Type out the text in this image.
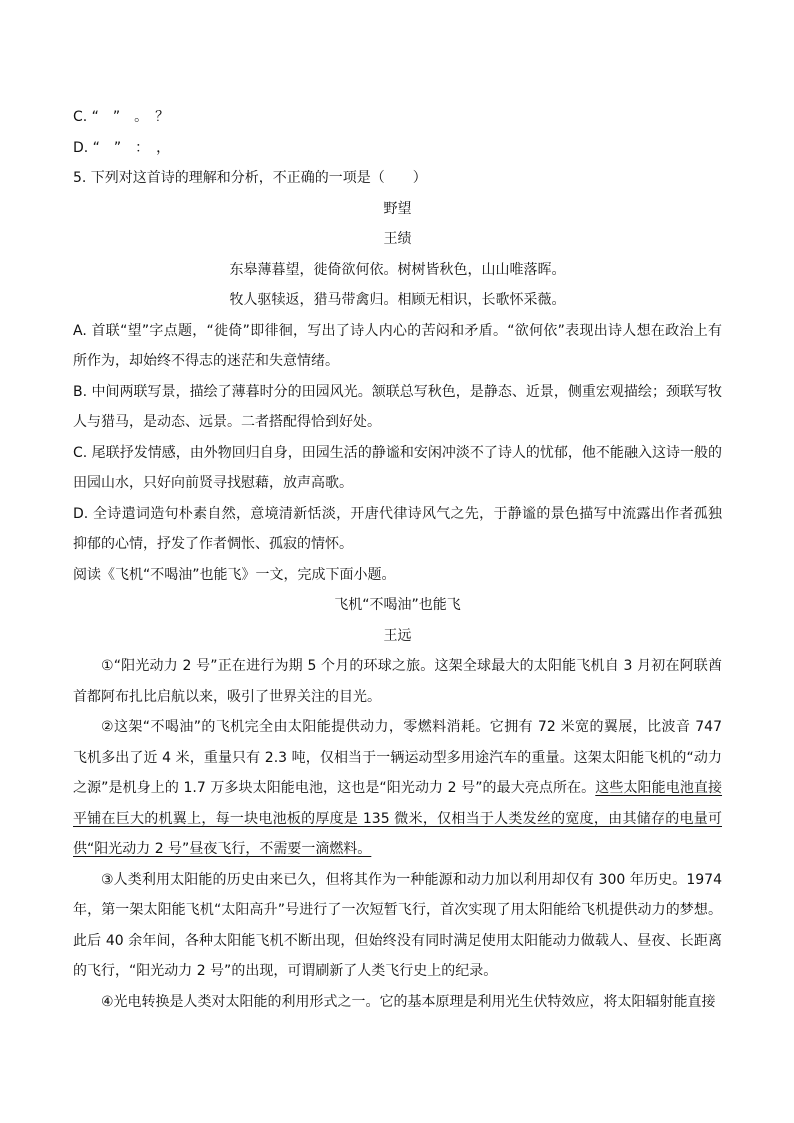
C. “　”　。　？
D. “　”　：　，
5. 下列对这首诗的理解和分析，不正确的一项是（　　）
野望
王绩
东皋薄暮望，徙倚欲何依。树树皆秋色，山山唯落晖。
牧人驱犊返，猎马带禽归。相顾无相识，长歌怀采薇。
A. 首联“望”字点题，“徙倚”即徘徊，写出了诗人内心的苦闷和矛盾。“欲何依”表现出诗人想在政治上有所作为，却始终不得志的迷茫和失意情绪。
B. 中间两联写景，描绘了薄暮时分的田园风光。颔联总写秋色，是静态、近景，侧重宏观描绘；颈联写牧人与猎马，是动态、远景。二者搭配得恰到好处。
C. 尾联抒发情感，由外物回归自身，田园生活的静谧和安闲冲淡不了诗人的忧郁，他不能融入这诗一般的田园山水，只好向前贤寻找慰藉，放声高歌。
D. 全诗遣词造句朴素自然，意境清新恬淡，开唐代律诗风气之先，于静谧的景色描写中流露出作者孤独抑郁的心情，抒发了作者惆怅、孤寂的情怀。
阅读《飞机“不喝油”也能飞》一文，完成下面小题。
飞机“不喝油”也能飞
王远
①“阳光动力 2 号”正在进行为期 5 个月的环球之旅。这架全球最大的太阳能飞机自 3 月初在阿联酋首都阿布扎比启航以来，吸引了世界关注的目光。
②这架“不喝油”的飞机完全由太阳能提供动力，零燃料消耗。它拥有 72 米宽的翼展，比波音 747 飞机多出了近 4 米，重量只有 2.3 吨，仅相当于一辆运动型多用途汽车的重量。这架太阳能飞机的“动力之源”是机身上的 1.7 万多块太阳能电池，这也是“阳光动力 2 号”的最大亮点所在。这些太阳能电池直接平铺在巨大的机翼上，每一块电池板的厚度是 135 微米，仅相当于人类发丝的宽度，由其储存的电量可供“阳光动力 2 号”昼夜飞行，不需要一滴燃料。
③人类利用太阳能的历史由来已久，但将其作为一种能源和动力加以利用却仅有 300 年历史。1974 年，第一架太阳能飞机“太阳高升”号进行了一次短暂飞行，首次实现了用太阳能给飞机提供动力的梦想。此后 40 余年间，各种太阳能飞机不断出现，但始终没有同时满足使用太阳能动力做载人、昼夜、长距离的飞行，“阳光动力 2 号”的出现，可谓刷新了人类飞行史上的纪录。
④光电转换是人类对太阳能的利用形式之一。它的基本原理是利用光生伏特效应，将太阳辐射能直接
